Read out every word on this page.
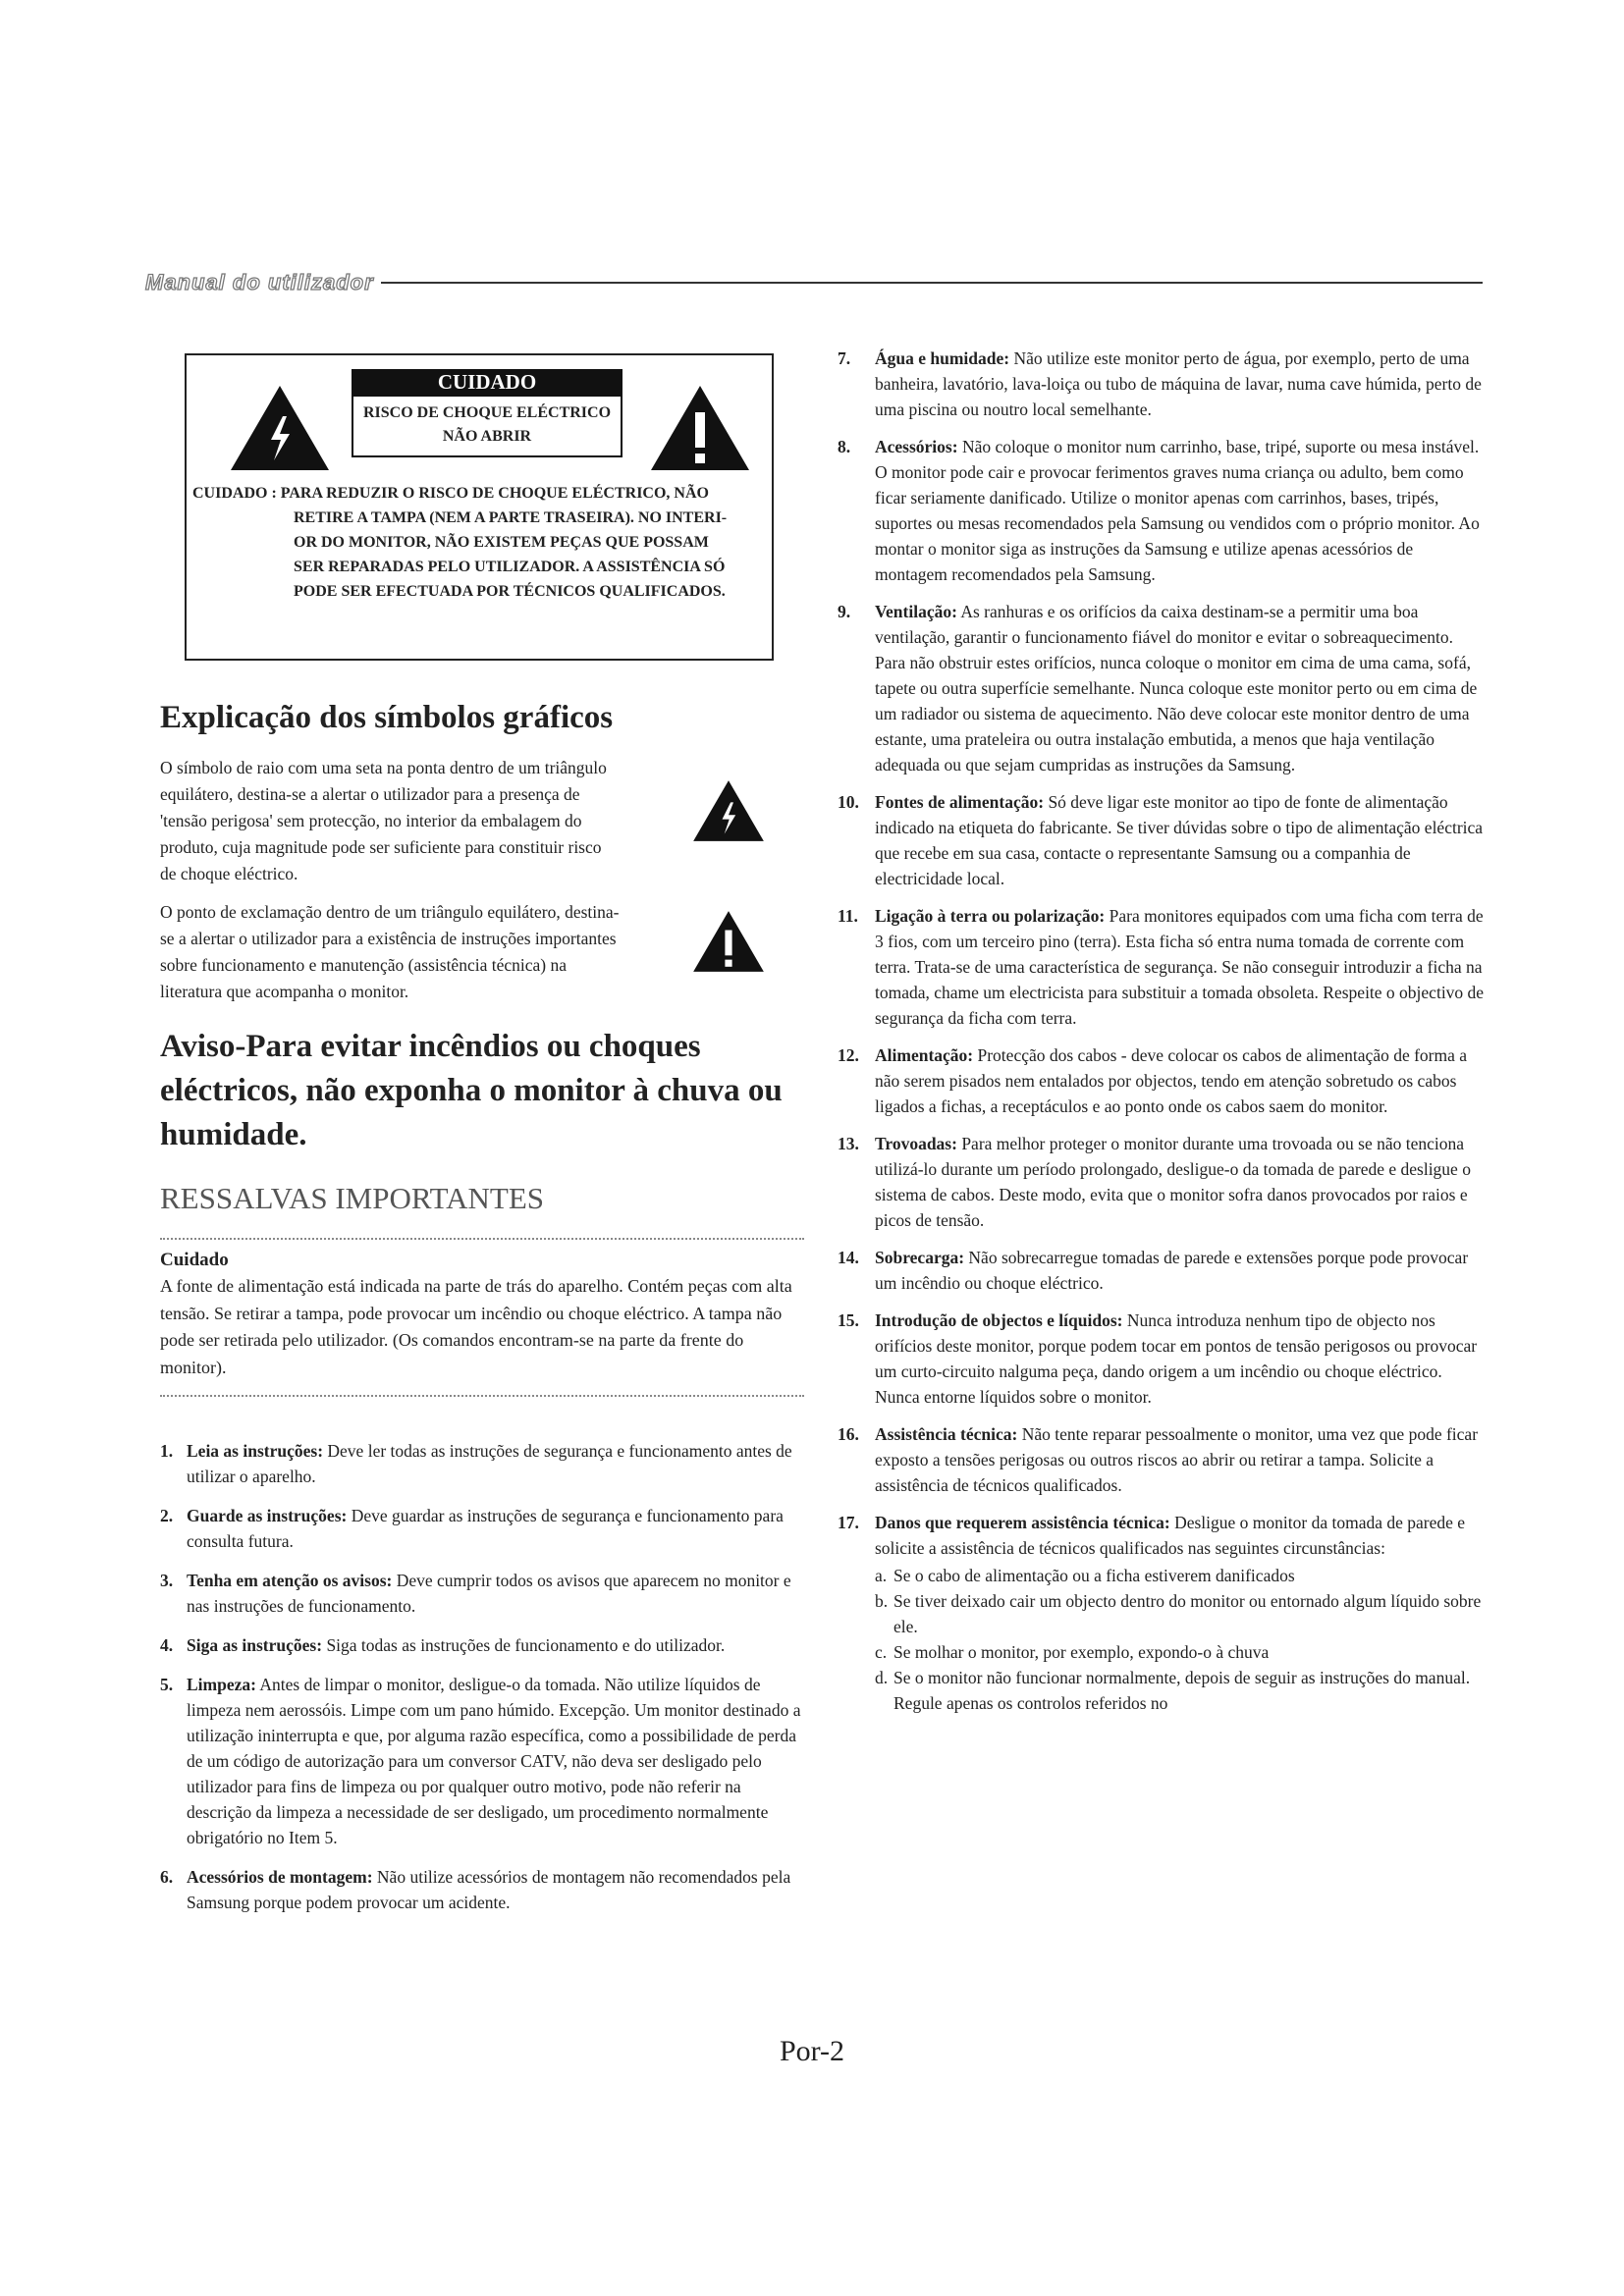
Manual do utilizador
CUIDADO
RISCO DE CHOQUE ELÉCTRICO
NÃO ABRIR
CUIDADO : PARA REDUZIR O RISCO DE CHOQUE ELÉCTRICO, NÃO
RETIRE A TAMPA (NEM A PARTE TRASEIRA). NO INTERI-
OR DO MONITOR, NÃO EXISTEM PEÇAS QUE POSSAM
SER REPARADAS PELO UTILIZADOR. A ASSISTÊNCIA SÓ
PODE SER EFECTUADA POR TÉCNICOS QUALIFICADOS.
Explicação dos símbolos gráficos

O símbolo de raio com uma seta na ponta dentro de um triângulo equilátero, destina-se a alertar o utilizador para a presença de 'tensão perigosa' sem protecção, no interior da embalagem do produto, cuja magnitude pode ser suficiente para constituir risco de choque eléctrico.

O ponto de exclamação dentro de um triângulo equilátero, destina-se a alertar o utilizador para a existência de instruções importantes sobre funcionamento e manutenção (assistência técnica) na literatura que acompanha o monitor.

Aviso-Para evitar incêndios ou choques eléctricos, não exponha o monitor à chuva ou humidade.
RESSALVAS IMPORTANTES
Cuidado

A fonte de alimentação está indicada na parte de trás do aparelho. Contém peças com alta tensão. Se retirar a tampa, pode provocar um incêndio ou choque eléctrico. A tampa não pode ser retirada pelo utilizador. (Os comandos encontram-se na parte da frente do monitor).

1. Leia as instruções: Deve ler todas as instruções de segurança e funcionamento antes de utilizar o aparelho.

2. Guarde as instruções: Deve guardar as instruções de segurança e funcionamento para consulta futura.

3. Tenha em atenção os avisos: Deve cumprir todos os avisos que aparecem no monitor e nas instruções de funcionamento.

4. Siga as instruções: Siga todas as instruções de funcionamento e do utilizador.

5. Limpeza: Antes de limpar o monitor, desligue-o da tomada. Não utilize líquidos de limpeza nem aerossóis. Limpe com um pano húmido. Excepção. Um monitor destinado a utilização ininterrupta e que, por alguma razão específica, como a possibilidade de perda de um código de autorização para um conversor CATV, não deva ser desligado pelo utilizador para fins de limpeza ou por qualquer outro motivo, pode não referir na descrição da limpeza a necessidade de ser desligado, um procedimento normalmente obrigatório no Item 5.

6. Acessórios de montagem: Não utilize acessórios de montagem não recomendados pela Samsung porque podem provocar um acidente.

7. Água e humidade: Não utilize este monitor perto de água, por exemplo, perto de uma banheira, lavatório, lava-loiça ou tubo de máquina de lavar, numa cave húmida, perto de uma piscina ou noutro local semelhante.

8. Acessórios: Não coloque o monitor num carrinho, base, tripé, suporte ou mesa instável. O monitor pode cair e provocar ferimentos graves numa criança ou adulto, bem como ficar seriamente danificado. Utilize o monitor apenas com carrinhos, bases, tripés, suportes ou mesas recomendados pela Samsung ou vendidos com o próprio monitor. Ao montar o monitor siga as instruções da Samsung e utilize apenas acessórios de montagem recomendados pela Samsung.

9. Ventilação: As ranhuras e os orifícios da caixa destinam-se a permitir uma boa ventilação, garantir o funcionamento fiável do monitor e evitar o sobreaquecimento. Para não obstruir estes orifícios, nunca coloque o monitor em cima de uma cama, sofá, tapete ou outra superfície semelhante. Nunca coloque este monitor perto ou em cima de um radiador ou sistema de aquecimento. Não deve colocar este monitor dentro de uma estante, uma prateleira ou outra instalação embutida, a menos que haja ventilação adequada ou que sejam cumpridas as instruções da Samsung.

10. Fontes de alimentação: Só deve ligar este monitor ao tipo de fonte de alimentação indicado na etiqueta do fabricante. Se tiver dúvidas sobre o tipo de alimentação eléctrica que recebe em sua casa, contacte o representante Samsung ou a companhia de electricidade local.

11. Ligação à terra ou polarização: Para monitores equipados com uma ficha com terra de 3 fios, com um terceiro pino (terra). Esta ficha só entra numa tomada de corrente com terra. Trata-se de uma característica de segurança. Se não conseguir introduzir a ficha na tomada, chame um electricista para substituir a tomada obsoleta. Respeite o objectivo de segurança da ficha com terra.

12. Alimentação: Protecção dos cabos - deve colocar os cabos de alimentação de forma a não serem pisados nem entalados por objectos, tendo em atenção sobretudo os cabos ligados a fichas, a receptáculos e ao ponto onde os cabos saem do monitor.

13. Trovoadas: Para melhor proteger o monitor durante uma trovoada ou se não tenciona utilizá-lo durante um período prolongado, desligue-o da tomada de parede e desligue o sistema de cabos. Deste modo, evita que o monitor sofra danos provocados por raios e picos de tensão.

14. Sobrecarga: Não sobrecarregue tomadas de parede e extensões porque pode provocar um incêndio ou choque eléctrico.

15. Introdução de objectos e líquidos: Nunca introduza nenhum tipo de objecto nos orifícios deste monitor, porque podem tocar em pontos de tensão perigosos ou provocar um curto-circuito nalguma peça, dando origem a um incêndio ou choque eléctrico. Nunca entorne líquidos sobre o monitor.

16. Assistência técnica: Não tente reparar pessoalmente o monitor, uma vez que pode ficar exposto a tensões perigosas ou outros riscos ao abrir ou retirar a tampa. Solicite a assistência de técnicos qualificados.

17. Danos que requerem assistência técnica: Desligue o monitor da tomada de parede e solicite a assistência de técnicos qualificados nas seguintes circunstâncias:

a. Se o cabo de alimentação ou a ficha estiverem danificados
b. Se tiver deixado cair um objecto dentro do monitor ou entornado algum líquido sobre ele.
c. Se molhar o monitor, por exemplo, expondo-o à chuva
d. Se o monitor não funcionar normalmente, depois de seguir as instruções do manual. Regule apenas os controlos referidos no
Por-2
